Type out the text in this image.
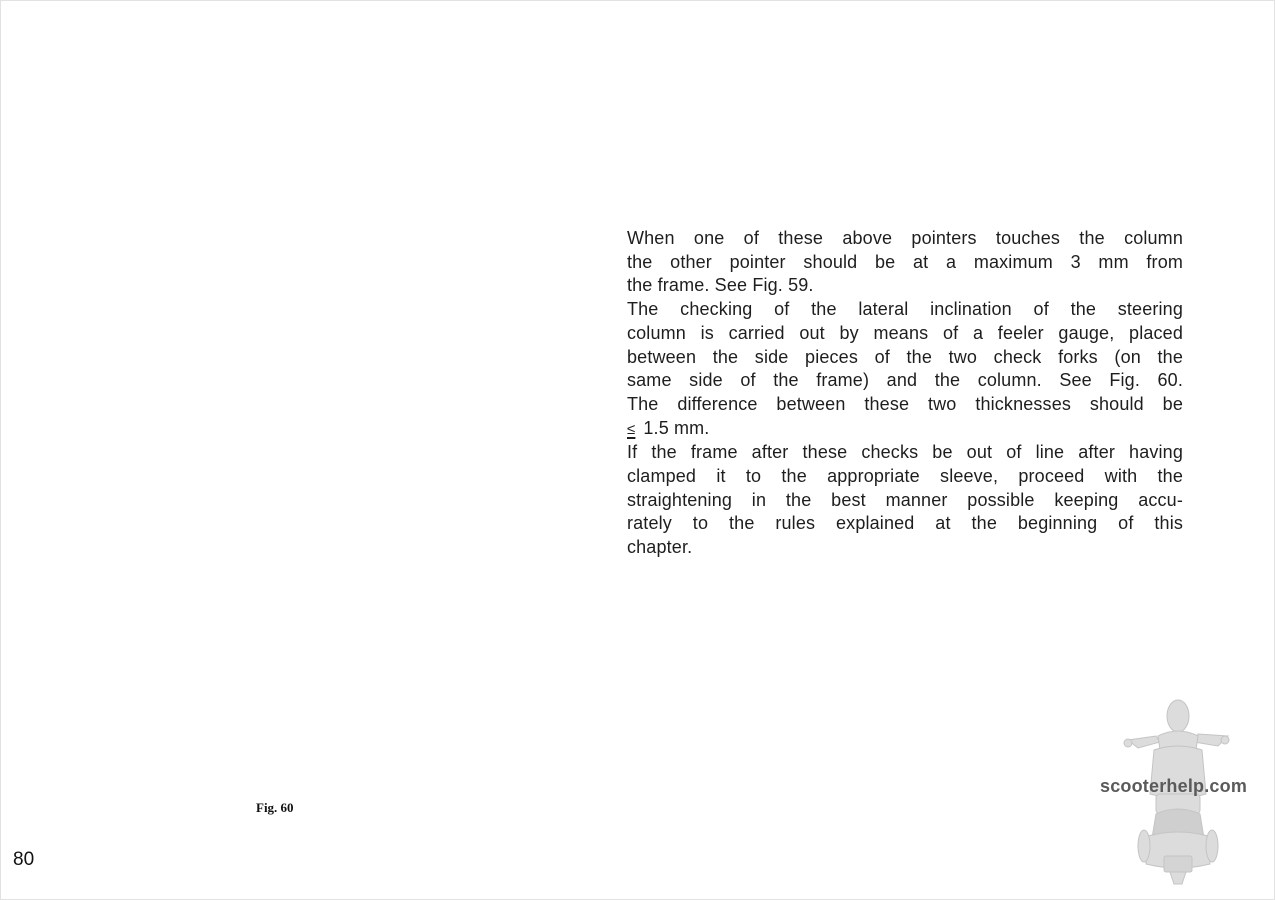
When one of these above pointers touches the column
the other pointer should be at a maximum 3 mm from
the frame. See Fig. 59.
The checking of the lateral inclination of the steering
column is carried out by means of a feeler gauge, placed
between the side pieces of the two check forks (on the
same side of the frame) and the column. See Fig. 60.
The difference between these two thicknesses should be
≤ 1.5 mm.
If the frame after these checks be out of line after having
clamped it to the appropriate sleeve, proceed with the
straightening in the best manner possible keeping accu-
rately to the rules explained at the beginning of this
chapter.
Fig. 60
80
scooterhelp.com
